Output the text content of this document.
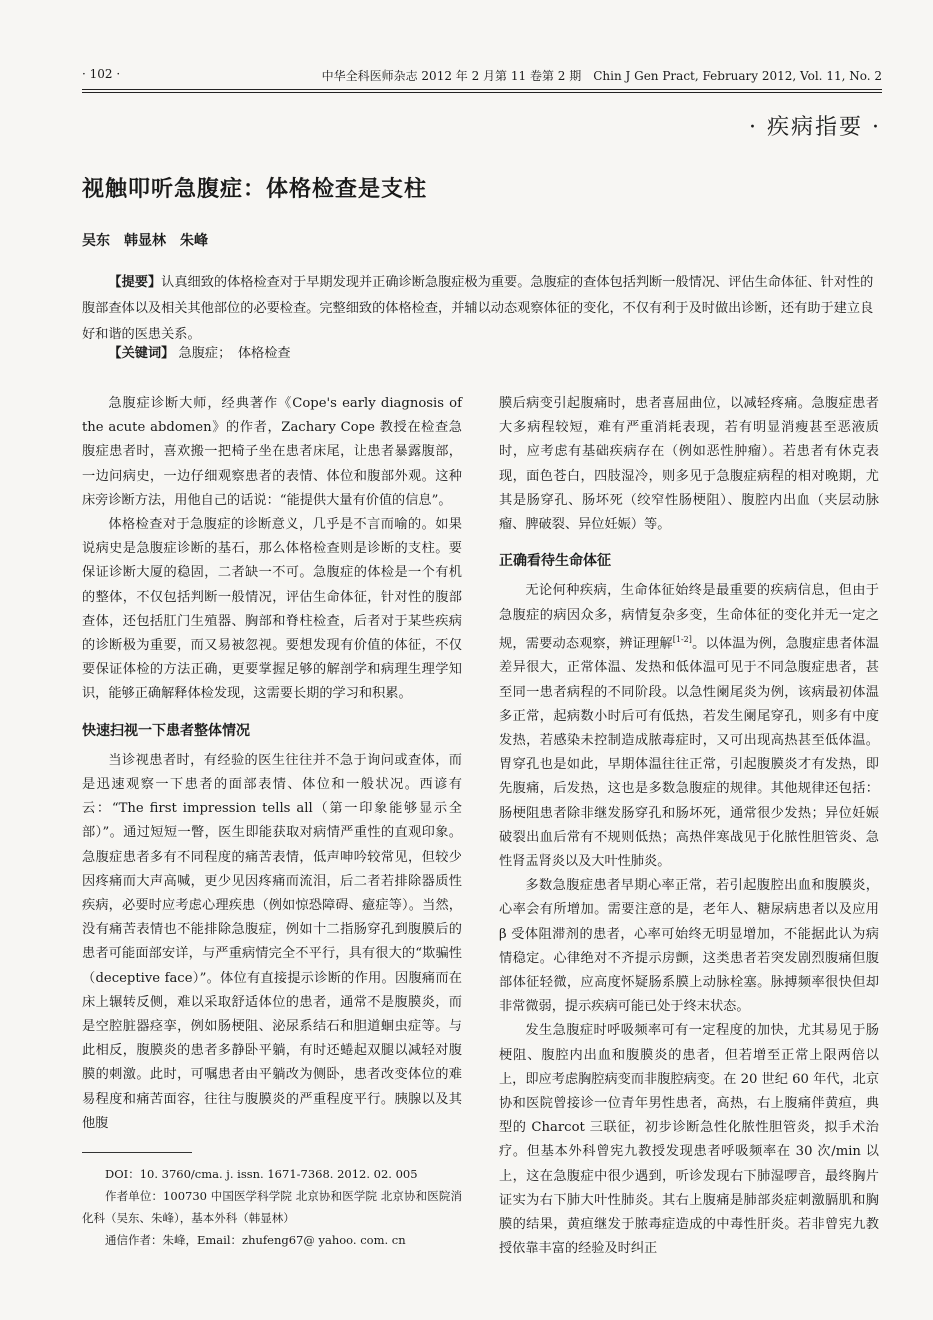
· 102 ·	中华全科医师杂志 2012 年 2 月第 11 卷第 2 期　Chin J Gen Pract, February 2012, Vol. 11, No. 2
· 疾病指要 ·
视触叩听急腹症：体格检查是支柱
吴东　韩显林　朱峰
【提要】认真细致的体格检查对于早期发现并正确诊断急腹症极为重要。急腹症的查体包括判断一般情况、评估生命体征、针对性的腹部查体以及相关其他部位的必要检查。完整细致的体格检查，并辅以动态观察体征的变化，不仅有利于及时做出诊断，还有助于建立良好和谐的医患关系。
【关键词】 急腹症；　体格检查

急腹症诊断大师，经典著作《Cope's early diagnosis of the acute abdomen》的作者，Zachary Cope 教授在检查急腹症患者时，喜欢搬一把椅子坐在患者床尾，让患者暴露腹部，一边问病史，一边仔细观察患者的表情、体位和腹部外观。这种床旁诊断方法，用他自己的话说：“能提供大量有价值的信息”。

体格检查对于急腹症的诊断意义，几乎是不言而喻的。如果说病史是急腹症诊断的基石，那么体格检查则是诊断的支柱。要保证诊断大厦的稳固，二者缺一不可。急腹症的体检是一个有机的整体，不仅包括判断一般情况，评估生命体征，针对性的腹部查体，还包括肛门生殖器、胸部和脊柱检查，后者对于某些疾病的诊断极为重要，而又易被忽视。要想发现有价值的体征，不仅要保证体检的方法正确，更要掌握足够的解剖学和病理生理学知识，能够正确解释体检发现，这需要长期的学习和积累。

快速扫视一下患者整体情况

当诊视患者时，有经验的医生往往并不急于询问或查体，而是迅速观察一下患者的面部表情、体位和一般状况。西谚有云：“The first impression tells all（第一印象能够显示全部）”。通过短短一瞥，医生即能获取对病情严重性的直观印象。急腹症患者多有不同程度的痛苦表情，低声呻吟较常见，但较少因疼痛而大声高喊，更少见因疼痛而流泪，后二者若排除器质性疾病，必要时应考虑心理疾患（例如惊恐障碍、癔症等）。当然，没有痛苦表情也不能排除急腹症，例如十二指肠穿孔到腹膜后的患者可能面部安详，与严重病情完全不平行，具有很大的“欺骗性（deceptive face）”。体位有直接提示诊断的作用。因腹痛而在床上辗转反侧，难以采取舒适体位的患者，通常不是腹膜炎，而是空腔脏器痉挛，例如肠梗阻、泌尿系结石和胆道蛔虫症等。与此相反，腹膜炎的患者多静卧平躺，有时还蜷起双腿以减轻对腹膜的刺激。此时，可嘱患者由平躺改为侧卧，患者改变体位的难易程度和痛苦面容，往往与腹膜炎的严重程度平行。胰腺以及其他腹

DOI：10. 3760/cma. j. issn. 1671-7368. 2012. 02. 005
作者单位：100730 中国医学科学院 北京协和医学院 北京协和医院消化科（吴东、朱峰），基本外科（韩显林）
通信作者：朱峰，Email：zhufeng67@ yahoo. com. cn

膜后病变引起腹痛时，患者喜屈曲位，以减轻疼痛。急腹症患者大多病程较短，难有严重消耗表现，若有明显消瘦甚至恶液质时，应考虑有基础疾病存在（例如恶性肿瘤）。若患者有休克表现，面色苍白，四肢湿冷，则多见于急腹症病程的相对晚期，尤其是肠穿孔、肠坏死（绞窄性肠梗阻）、腹腔内出血（夹层动脉瘤、脾破裂、异位妊娠）等。

正确看待生命体征

无论何种疾病，生命体征始终是最重要的疾病信息，但由于急腹症的病因众多，病情复杂多变，生命体征的变化并无一定之规，需要动态观察，辨证理解[1-2]。以体温为例，急腹症患者体温差异很大，正常体温、发热和低体温可见于不同急腹症患者，甚至同一患者病程的不同阶段。以急性阑尾炎为例，该病最初体温多正常，起病数小时后可有低热，若发生阑尾穿孔，则多有中度发热，若感染未控制造成脓毒症时，又可出现高热甚至低体温。胃穿孔也是如此，早期体温往往正常，引起腹膜炎才有发热，即先腹痛，后发热，这也是多数急腹症的规律。其他规律还包括：肠梗阻患者除非继发肠穿孔和肠坏死，通常很少发热；异位妊娠破裂出血后常有不规则低热；高热伴寒战见于化脓性胆管炎、急性肾盂肾炎以及大叶性肺炎。

多数急腹症患者早期心率正常，若引起腹腔出血和腹膜炎，心率会有所增加。需要注意的是，老年人、糖尿病患者以及应用 β 受体阻滞剂的患者，心率可始终无明显增加，不能据此认为病情稳定。心律绝对不齐提示房颤，这类患者若突发剧烈腹痛但腹部体征轻微，应高度怀疑肠系膜上动脉栓塞。脉搏频率很快但却非常微弱，提示疾病可能已处于终末状态。

发生急腹症时呼吸频率可有一定程度的加快，尤其易见于肠梗阻、腹腔内出血和腹膜炎的患者，但若增至正常上限两倍以上，即应考虑胸腔病变而非腹腔病变。在 20 世纪 60 年代，北京协和医院曾接诊一位青年男性患者，高热，右上腹痛伴黄疸，典型的 Charcot 三联征，初步诊断急性化脓性胆管炎，拟手术治疗。但基本外科曾宪九教授发现患者呼吸频率在 30 次/min 以上，这在急腹症中很少遇到，听诊发现右下肺湿啰音，最终胸片证实为右下肺大叶性肺炎。其右上腹痛是肺部炎症刺激膈肌和胸膜的结果，黄疸继发于脓毒症造成的中毒性肝炎。若非曾宪九教授依靠丰富的经验及时纠正
